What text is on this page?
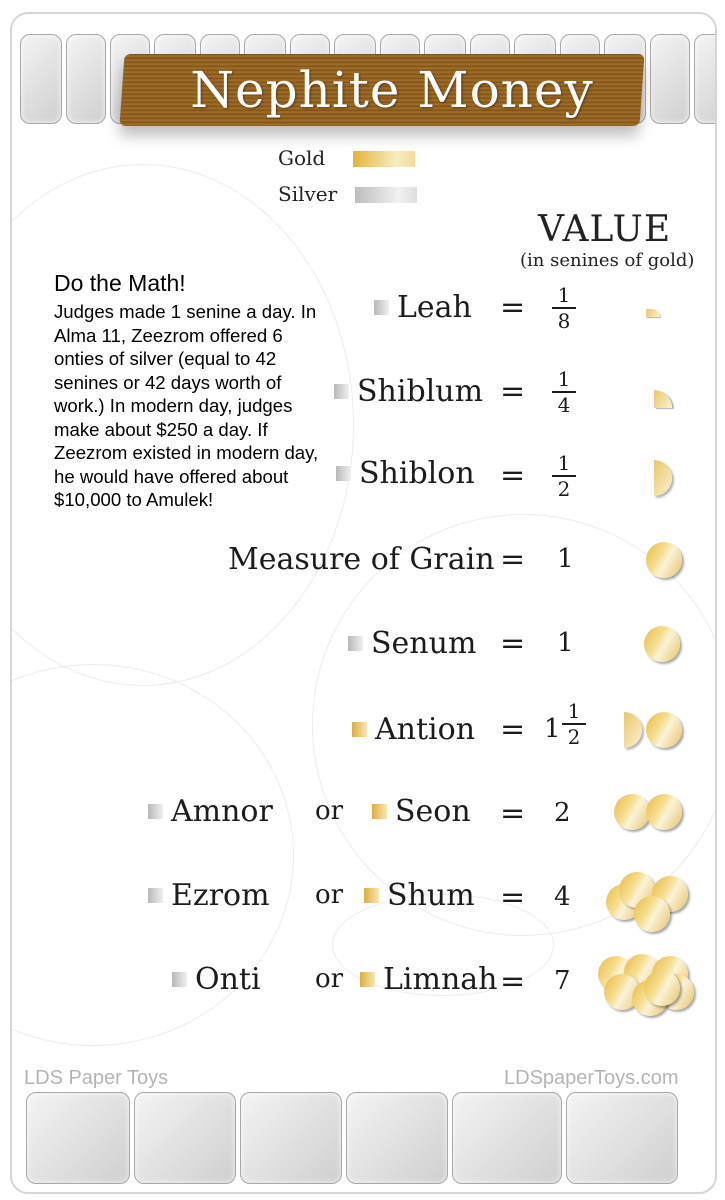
Nephite Money
Gold
Silver
VALUE
(in senines of gold)
Do the Math!
Judges made 1 senine a day. In Alma 11, Zeezrom offered 6 onties of silver (equal to 42 senines or 42 days worth of work.) In modern day, judges make about $250 a day. If Zeezrom existed in modern day, he would have offered about $10,000 to Amulek!
Leah = 1
8
Shiblum = 1
4
Shiblon = 1
2
Measure of Grain = 1
Senum = 1
Antion = 1
1
2
Amnor or Seon = 2
Ezrom or Shum = 4
Onti or Limnah = 7
LDS Paper Toys	LDSpaperToys.com
